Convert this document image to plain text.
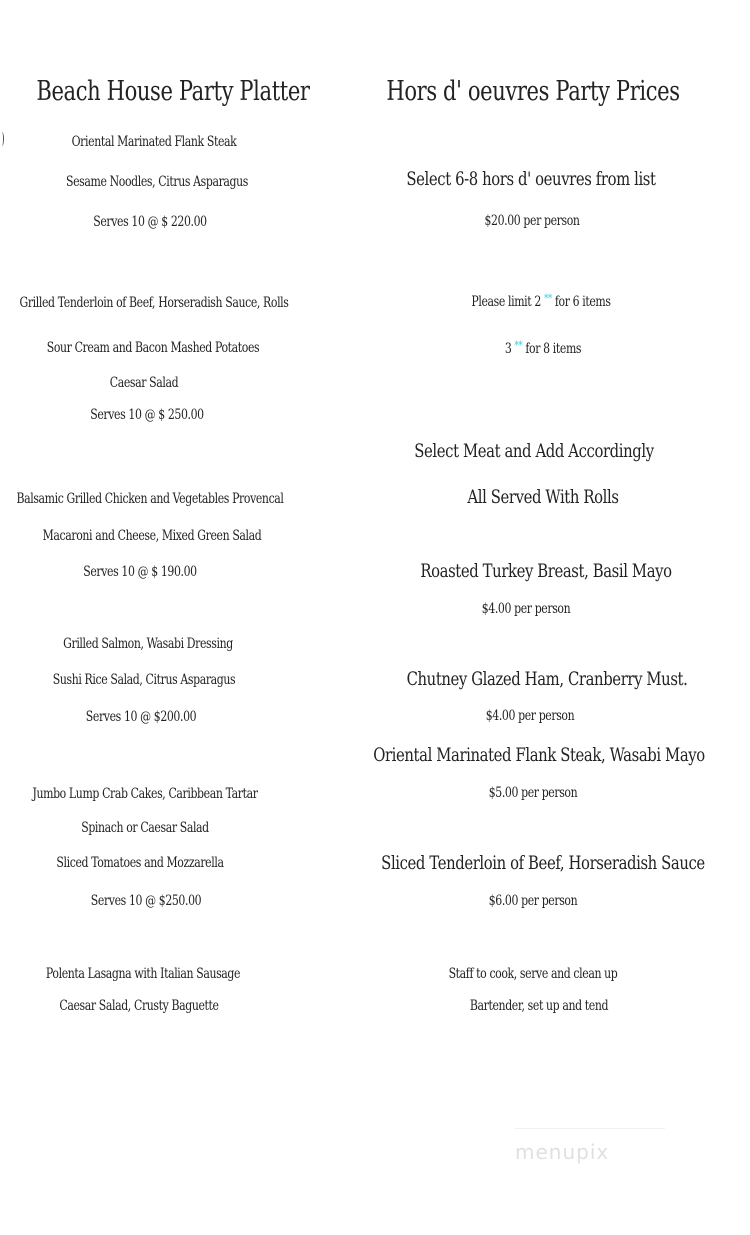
Beach House Party Platter
Oriental Marinated Flank Steak
Sesame Noodles, Citrus Asparagus
Serves 10 @ $ 220.00
Grilled Tenderloin of Beef, Horseradish Sauce, Rolls
Sour Cream and Bacon Mashed Potatoes
Caesar Salad
Serves 10 @ $ 250.00
Balsamic Grilled Chicken and Vegetables Provencal
Macaroni and Cheese, Mixed Green Salad
Serves 10 @ $ 190.00
Grilled Salmon, Wasabi Dressing
Sushi Rice Salad, Citrus Asparagus
Serves 10 @ $200.00
Jumbo Lump Crab Cakes, Caribbean Tartar
Spinach or Caesar Salad
Sliced Tomatoes and Mozzarella
Serves 10 @ $250.00
Polenta Lasagna with Italian Sausage
Caesar Salad, Crusty Baguette
Hors d' oeuvres Party Prices
Select 6-8 hors d' oeuvres from list
$20.00 per person
Please limit 2 ** for 6 items
3 ** for 8 items
Select Meat and Add Accordingly
All Served With Rolls
Roasted Turkey Breast, Basil Mayo
$4.00 per person
Chutney Glazed Ham, Cranberry Must.
$4.00 per person
Oriental Marinated Flank Steak, Wasabi Mayo
$5.00 per person
Sliced Tenderloin of Beef, Horseradish Sauce
$6.00 per person
Staff to cook, serve and clean up
Bartender, set up and tend
menupix
